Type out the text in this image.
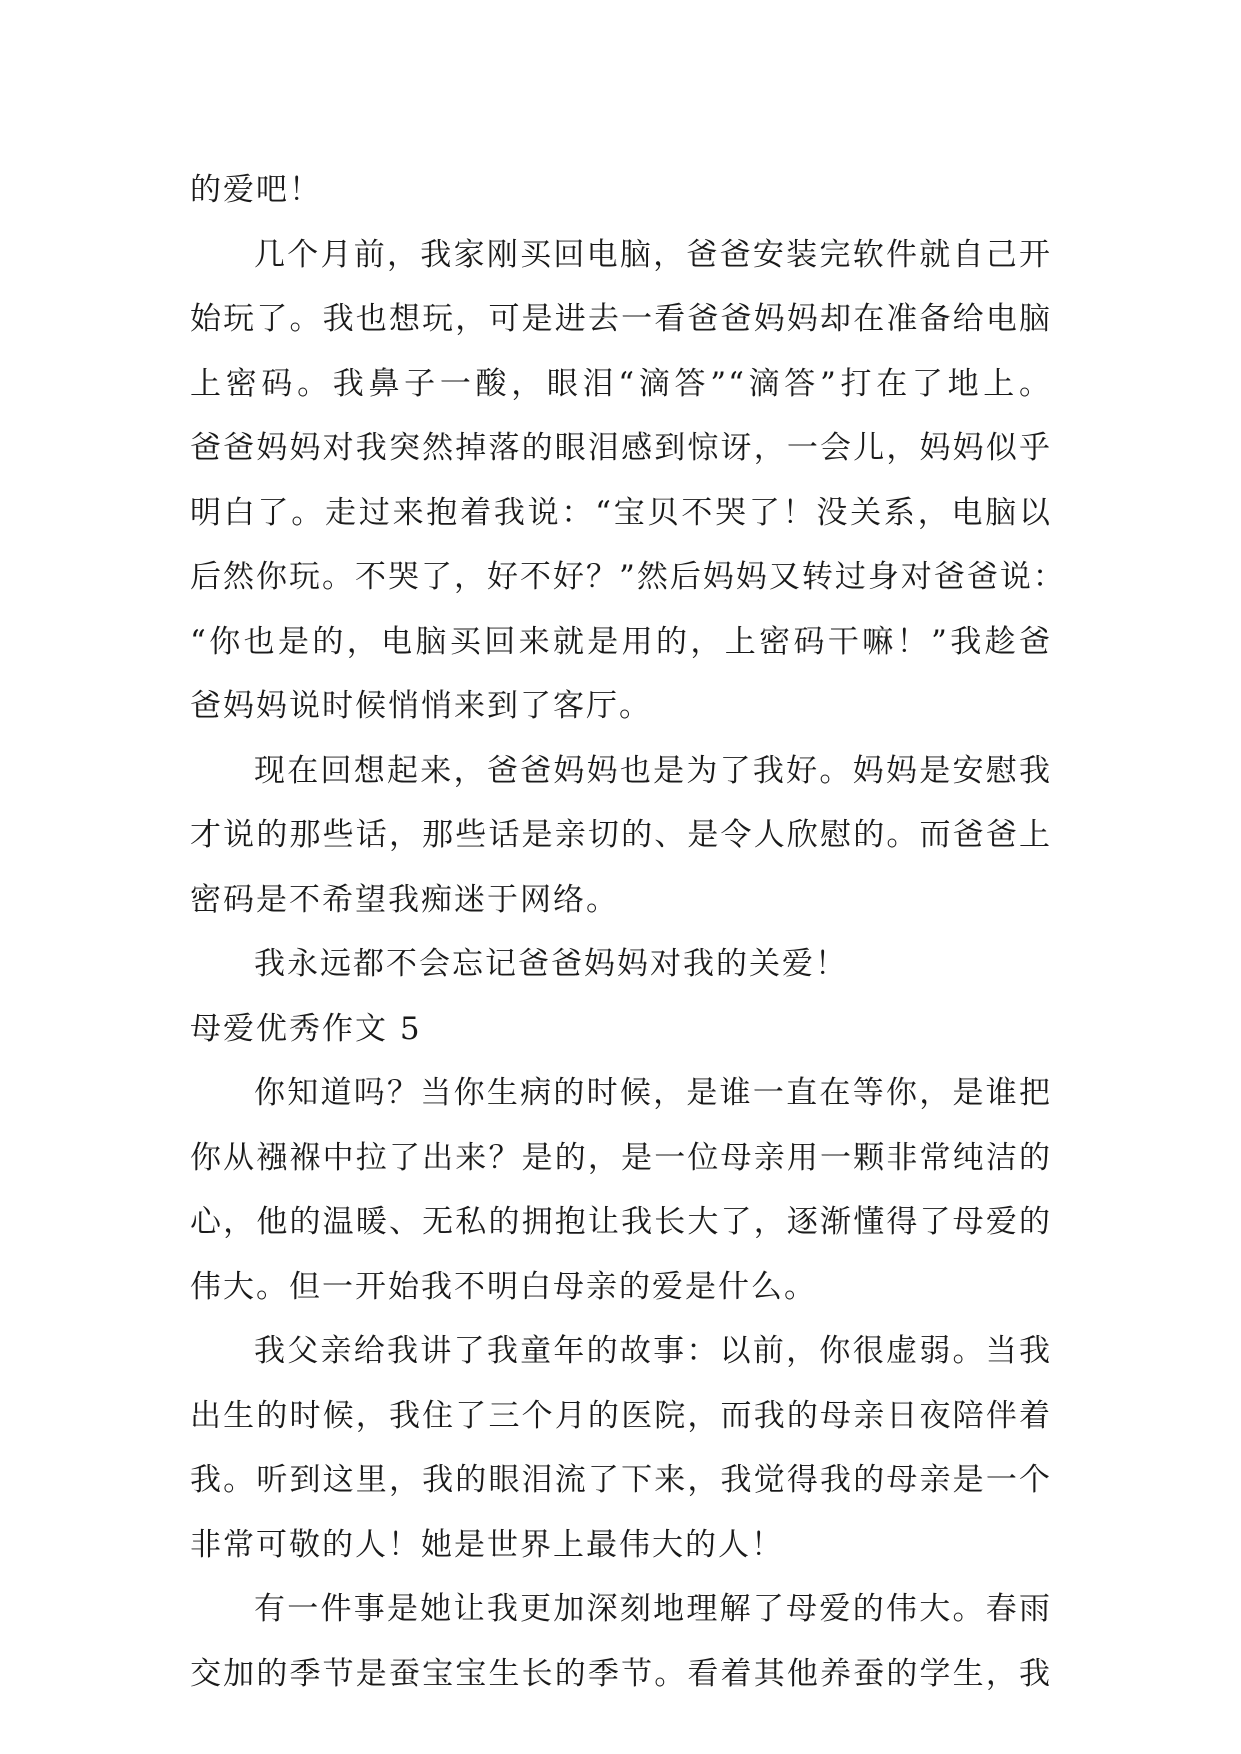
的爱吧！
几个月前，我家刚买回电脑，爸爸安装完软件就自己开
始玩了。我也想玩，可是进去一看爸爸妈妈却在准备给电脑
上密码。我鼻子一酸，眼泪“滴答”“滴答”打在了地上。
爸爸妈妈对我突然掉落的眼泪感到惊讶，一会儿，妈妈似乎
明白了。走过来抱着我说：“宝贝不哭了！没关系，电脑以
后然你玩。不哭了，好不好？”然后妈妈又转过身对爸爸说：
“你也是的，电脑买回来就是用的，上密码干嘛！”我趁爸
爸妈妈说时候悄悄来到了客厅。
现在回想起来，爸爸妈妈也是为了我好。妈妈是安慰我
才说的那些话，那些话是亲切的、是令人欣慰的。而爸爸上
密码是不希望我痴迷于网络。
我永远都不会忘记爸爸妈妈对我的关爱！
母爱优秀作文 5
你知道吗？当你生病的时候，是谁一直在等你，是谁把
你从襁褓中拉了出来？是的，是一位母亲用一颗非常纯洁的
心，他的温暖、无私的拥抱让我长大了，逐渐懂得了母爱的
伟大。但一开始我不明白母亲的爱是什么。
我父亲给我讲了我童年的故事：以前，你很虚弱。当我
出生的时候，我住了三个月的医院，而我的母亲日夜陪伴着
我。听到这里，我的眼泪流了下来，我觉得我的母亲是一个
非常可敬的人！她是世界上最伟大的人！
有一件事是她让我更加深刻地理解了母爱的伟大。春雨
交加的季节是蚕宝宝生长的季节。看着其他养蚕的学生，我
